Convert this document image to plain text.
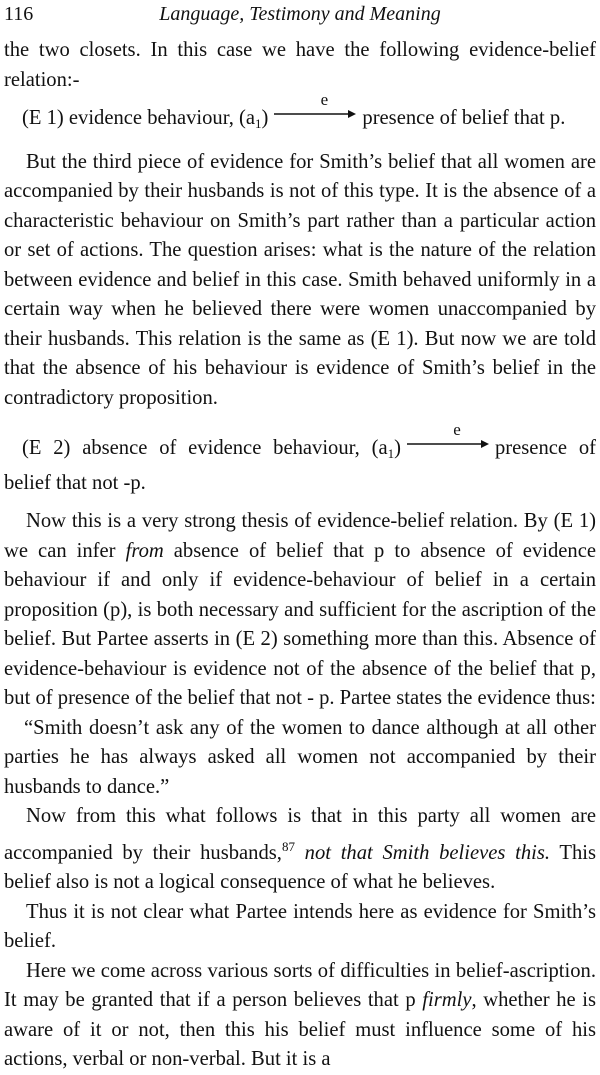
116	Language, Testimony and Meaning

the two closets. In this case we have the following evidence-belief relation:-

(E 1) evidence behaviour, $(a_1)$
e
presence of belief that p.

But the third piece of evidence for Smith’s belief that all women are accompanied by their husbands is not of this type. It is the absence of a characteristic behaviour on Smith’s part rather than a particular action or set of actions. The question arises: what is the nature of the relation between evidence and belief in this case. Smith behaved uniformly in a certain way when he believed there were women unaccompanied by their husbands. This relation is the same as (E 1). But now we are told that the absence of his behaviour is evidence of Smith’s belief in the contradictory proposition.

(E 2) absence of evidence behaviour, $(a_1)$
e
presence of belief that not -p.

Now this is a very strong thesis of evidence-belief relation. By (E 1) we can infer from absence of belief that p to absence of evidence behaviour if and only if evidence-behaviour of belief in a certain proposition (p), is both necessary and sufficient for the ascription of the belief. But Partee asserts in (E 2) something more than this. Absence of evidence-behaviour is evidence not of the absence of the belief that p, but of presence of the belief that not - p. Partee states the evidence thus:

“Smith doesn’t ask any of the women to dance although at all other parties he has always asked all women not accompanied by their husbands to dance.”

Now from this what follows is that in this party all women are accompanied by their husbands,$^{87}$ not that Smith believes this. This belief also is not a logical consequence of what he believes.

Thus it is not clear what Partee intends here as evidence for Smith’s belief.

Here we come across various sorts of difficulties in belief-ascription. It may be granted that if a person believes that p firmly, whether he is aware of it or not, then this his belief must influence some of his actions, verbal or non-verbal. But it is a
